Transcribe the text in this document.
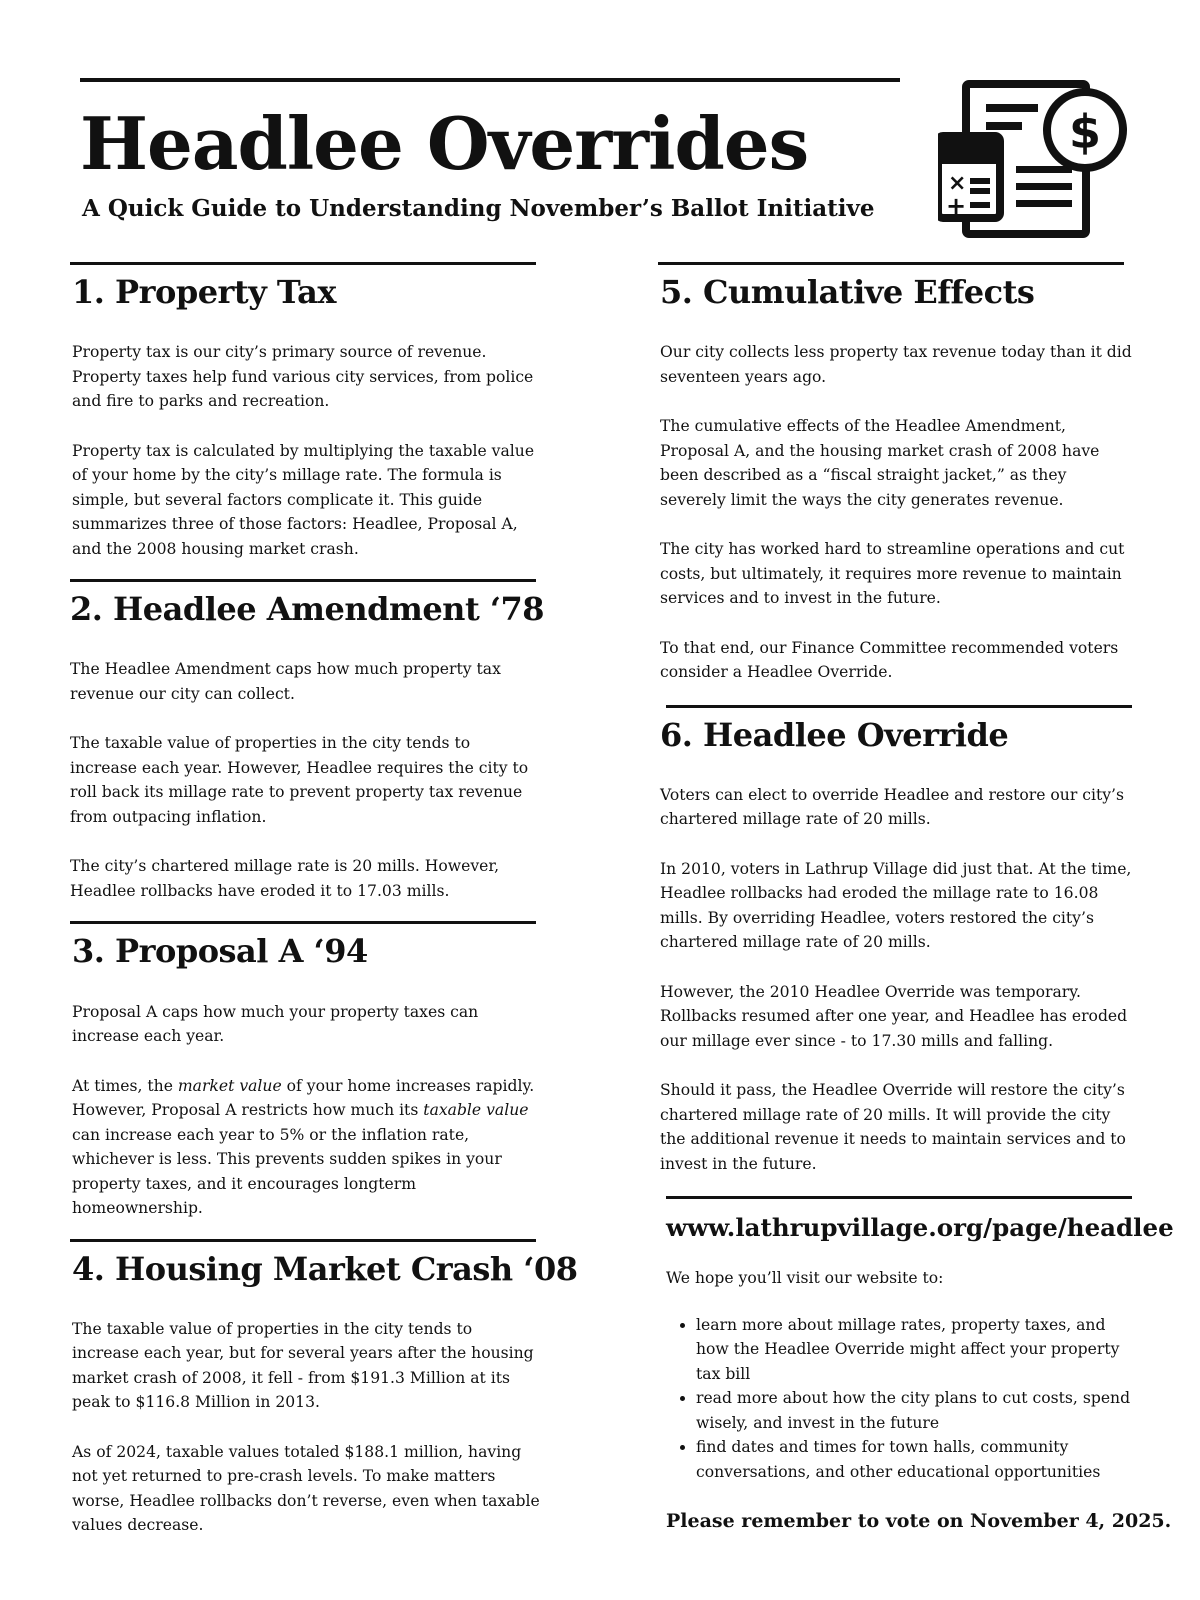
Headlee Overrides

A Quick Guide to Understanding November’s Ballot Initiative

×
+
$
1. Property Tax

Property tax is our city’s primary source of revenue. Property taxes help fund various city services, from police and fire to parks and recreation.

Property tax is calculated by multiplying the taxable value of your home by the city’s millage rate. The formula is simple, but several factors complicate it. This guide summarizes three of those factors: Headlee, Proposal A, and the 2008 housing market crash.

2. Headlee Amendment ‘78

The Headlee Amendment caps how much property tax revenue our city can collect.

The taxable value of properties in the city tends to increase each year. However, Headlee requires the city to roll back its millage rate to prevent property tax revenue from outpacing inflation.

The city’s chartered millage rate is 20 mills. However, Headlee rollbacks have eroded it to 17.03 mills.

3. Proposal A ‘94

Proposal A caps how much your property taxes can increase each year.

At times, the market value of your home increases rapidly. However, Proposal A restricts how much its taxable value can increase each year to 5% or the inflation rate, whichever is less. This prevents sudden spikes in your property taxes, and it encourages longterm homeownership.

4. Housing Market Crash ‘08

The taxable value of properties in the city tends to increase each year, but for several years after the housing market crash of 2008, it fell - from $191.3 Million at its peak to $116.8 Million in 2013.

As of 2024, taxable values totaled $188.1 million, having not yet returned to pre-crash levels. To make matters worse, Headlee rollbacks don’t reverse, even when taxable values decrease.

5. Cumulative Effects

Our city collects less property tax revenue today than it did seventeen years ago.

The cumulative effects of the Headlee Amendment, Proposal A, and the housing market crash of 2008 have been described as a “fiscal straight jacket,” as they severely limit the ways the city generates revenue.

The city has worked hard to streamline operations and cut costs, but ultimately, it requires more revenue to maintain services and to invest in the future.

To that end, our Finance Committee recommended voters consider a Headlee Override.

6. Headlee Override

Voters can elect to override Headlee and restore our city’s chartered millage rate of 20 mills.

In 2010, voters in Lathrup Village did just that. At the time, Headlee rollbacks had eroded the millage rate to 16.08 mills. By overriding Headlee, voters restored the city’s chartered millage rate of 20 mills.

However, the 2010 Headlee Override was temporary. Rollbacks resumed after one year, and Headlee has eroded our millage ever since - to 17.30 mills and falling.

Should it pass, the Headlee Override will restore the city’s chartered millage rate of 20 mills. It will provide the city the additional revenue it needs to maintain services and to invest in the future.

www.lathrupvillage.org/page/headlee

We hope you’ll visit our website to:

• learn more about millage rates, property taxes, and how the Headlee Override might affect your property tax bill
• read more about how the city plans to cut costs, spend wisely, and invest in the future
• find dates and times for town halls, community conversations, and other educational opportunities

Please remember to vote on November 4, 2025.
